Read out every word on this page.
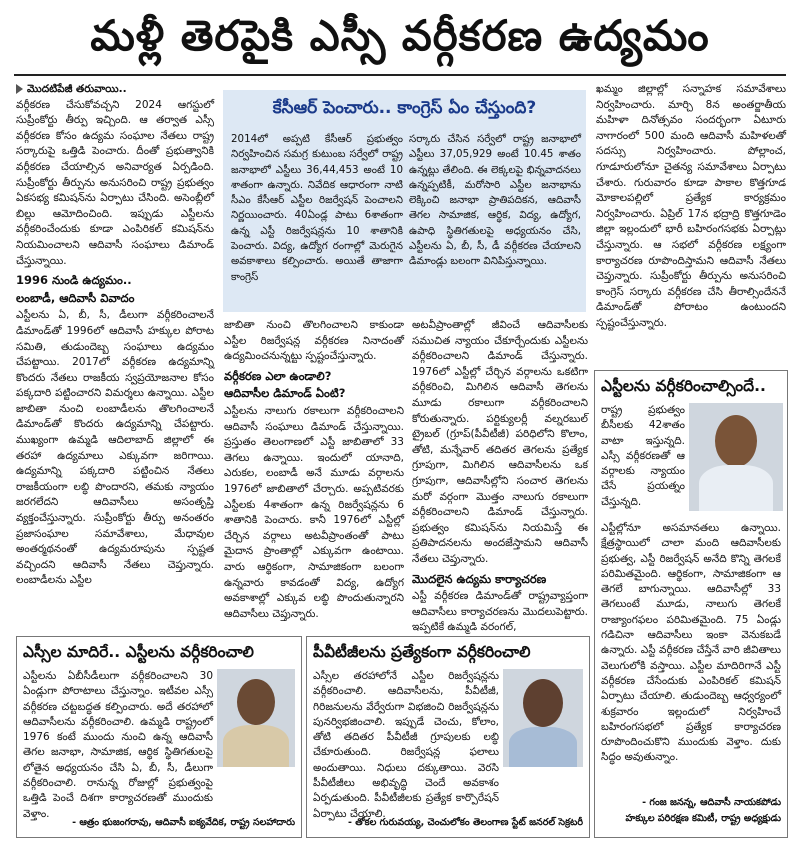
మళ్లీ తెరపైకి ఎస్సీ వర్గీకరణ ఉద్యమం
మొదటిపేజీ తరువాయి..

వర్గీకరణ చేసుకోవచ్చని 2024 ఆగస్టులో సుప్రీంకోర్టు తీర్పు ఇచ్చింది. ఆ తర్వాత ఎస్సీ వర్గీకరణ కోసం ఉద్యమ సంఘాల నేతలు రాష్ట్ర సర్కారుపై ఒత్తిడి పెంచారు. దీంతో ప్రభుత్వానికి వర్గీకరణ చేయాల్సిన అనివార్యత ఏర్పడింది. సుప్రీంకోర్టు తీర్పును అనుసరించి రాష్ట్ర ప్రభుత్వం ఏకసభ్య కమిషన్‌ను ఏర్పాటు చేసింది. అసెంబ్లీలో బిల్లు ఆమోదించింది. ఇప్పుడు ఎస్టీలను వర్గీకరించేందుకు కూడా ఎంపిరికల్ కమిషన్‌ను నియమించాలని ఆదివాసీ సంఘాలు డిమాండ్ చేస్తున్నాయి.

1996 నుండి ఉద్యమం..
లంబాడీ, ఆదివాసీ వివాదం

ఎస్టీలను ఏ, బీ, సీ, డీలుగా వర్గీకరించాలనే డిమాండ్‌తో 1996లో ఆదివాసీ హక్కుల పోరాట సమితి, తుడుందెబ్బ సంఘాలు ఉద్యమం చేపట్టాయి. 2017లో వర్గీకరణ ఉద్యమాన్ని కొందరు నేతలు రాజకీయ స్వప్రయోజనాల కోసం పక్కదారి పట్టించారని విమర్శలు ఉన్నాయి. ఎస్టీల జాబితా నుంచి లంబాడీలను తొలగించాలనే డిమాండ్‌తో కొందరు ఉద్యమాన్ని చేపట్టారు. ముఖ్యంగా ఉమ్మడి ఆదిలాబాద్ జిల్లాలో ఈ తరహా ఉద్యమాలు ఎక్కువగా జరిగాయి. ఉద్యమాన్ని పక్కదారి పట్టించిన నేతలు రాజకీయంగా లబ్ధి పొందారని, తమకు న్యాయం జరగలేదని ఆదివాసీలు అసంతృప్తి వ్యక్తంచేస్తున్నారు. సుప్రీంకోర్టు తీర్పు అనంతరం ప్రజాసంఘాల సమావేశాలు, మేధావుల అంతర్మథనంతో ఉద్యమరూపును స్పష్టత వచ్చిందని ఆదివాసీ నేతలు చెప్తున్నారు. లంబాడీలను ఎస్టీల

కేసీఆర్ పెంచారు.. కాంగ్రెస్ ఏం చేస్తుంది?
2014లో అప్పటి కేసీఆర్ ప్రభుత్వం నిర్వహించిన సమగ్ర కుటుంబ సర్వేలో రాష్ట్ర జనాభాలో ఎస్టీలు 36,44,453 అంటే 10 శాతంగా ఉన్నారు. నివేదిక ఆధారంగా నాటి సీఎం కేసీఆర్ ఎస్టీల రిజర్వేషన్ పెంచాలని నిర్ణయించారు. 40ఏండ్ల పాటు 6శాతంగా ఉన్న ఎస్టీ రిజర్వేషన్లను 10 శాతానికి పెంచారు. విద్య, ఉద్యోగ రంగాల్లో మెరుగైన అవకాశాలు కల్పించారు. అయితే తాజాగా కాంగ్రెస్
సర్కారు చేసిన సర్వేలో రాష్ట్ర జనాభాలో ఎస్టీలు 37,05,929 అంటే 10.45 శాతం ఉన్నట్లు తేలింది. ఈ లెక్కలపై భిన్నవాదనలు ఉన్నప్పటికీ, మరోసారి ఎస్టీల జనాభాను లెక్కించి జనాభా ప్రాతిపదికన, ఆదివాసీ తెగల సామాజిక, ఆర్థిక, విద్య, ఉద్యోగ, ఉపాధి స్థితిగతులపై అధ్యయనం చేసి, ఎస్టీలను ఏ, బీ, సీ, డీ వర్గీకరణ చేయాలని డిమాండ్లు బలంగా వినిపిస్తున్నాయి.

జాబితా నుంచి తొలగించాలని కాకుండా ఎస్టీల రిజర్వేషన్ల వర్గీకరణ నినాదంతో ఉద్యమించనున్నట్టు స్పష్టంచేస్తున్నారు.

వర్గీకరణ ఎలా ఉండాలి?
ఆదివాసీల డిమాండ్ ఏంటి?

ఎస్టీలను నాలుగు రకాలుగా వర్గీకరించాలని ఆదివాసీ సంఘాలు డిమాండ్ చేస్తున్నాయి. ప్రస్తుతం తెలంగాణలో ఎస్టీ జాబితాలో 33 తెగలు ఉన్నాయి. ఇందులో యానాది, ఎరుకల, లంబాడీ అనే మూడు వర్గాలను 1976లో జాబితాలో చేర్చారు. అప్పటివరకు ఎస్టీలకు 4శాతంగా ఉన్న రిజర్వేషన్లను 6 శాతానికి పెంచారు. కానీ 1976లో ఎస్టీల్లో చేర్చిన వర్గాలు అటవీప్రాంతంతో పాటు మైదాన ప్రాంతాల్లో ఎక్కువగా ఉంటాయి. వారు ఆర్థికంగా, సామాజికంగా బలంగా ఉన్నవారు కావడంతో విద్య, ఉద్యోగ అవకాశాల్లో ఎక్కువ లబ్ధి పొందుతున్నారని ఆదివాసీలు చెప్తున్నారు.

అటవీప్రాంతాల్లో జీవించే ఆదివాసీలకు సముచిత న్యాయం చేకూర్చేందుకు ఎస్టీలను వర్గీకరించాలని డిమాండ్ చేస్తున్నారు. 1976లో ఎస్టీల్లో చేర్చిన వర్గాలను ఒకటిగా వర్గీకరించి, మిగిలిన ఆదివాసీ తెగలను మూడు రకాలుగా వర్గీకరించాలని కోరుతున్నారు. పర్టిక్యులర్లీ వల్నరబుల్ ట్రైబల్ (గ్రూప్(పీవీటీజీ) పరిధిలోని కొలాం, తోటి, మన్నేవార్ తదితర తెగలను ప్రత్యేక గ్రూపుగా, మిగిలిన ఆదివాసీలను ఒక గ్రూపుగా, ఆదివాసీల్లోని సంచార తెగలను మరో వర్గంగా మొత్తం నాలుగు రకాలుగా వర్గీకరించాలని డిమాండ్ చేస్తున్నారు. ప్రభుత్వం కమిషన్‌ను నియమిస్తే ఈ ప్రతిపాదనలను అందజేస్తామని ఆదివాసీ నేతలు చెప్తున్నారు.

మొదలైన ఉద్యమ కార్యాచరణ

ఎస్టీ వర్గీకరణ డిమాండ్‌తో రాష్ట్రవ్యాప్తంగా ఆదివాసీలు కార్యాచరణను మొదలుపెట్టారు. ఇప్పటికే ఉమ్మడి వరంగల్,

ఖమ్మం జిల్లాల్లో సన్నాహక సమావేశాలు నిర్వహించారు. మార్చి 8న అంతర్జాతీయ మహిళా దినోత్సవం సందర్భంగా ఏటూరు నాగారంలో 500 మంది ఆదివాసీ మహిళలతో సదస్సు నిర్వహించారు. పోల్లాంచ, గూడూరులోనూ చైతన్య సమావేశాలు ఏర్పాటు చేశారు. గురువారం కూడా పాకాల కొత్తగూడ మోకాలపల్లిలో ప్రత్యేక కార్యక్రమం నిర్వహించారు. ఏప్రిల్ 17న భద్రాద్రి కొత్తగూడెం జిల్లా ఇల్లందులో భారీ బహిరంగసభకు ఏర్పాట్లు చేస్తున్నారు. ఆ సభలో వర్గీకరణ లక్ష్యంగా కార్యాచరణ రూపొందిస్తామని ఆదివాసీ నేతలు చెప్తున్నారు. సుప్రీంకోర్టు తీర్పును అనుసరించి కాంగ్రెస్ సర్కారు వర్గీకరణ చేసి తీరాల్సిందేననే డిమాండ్‌తో పోరాటం ఉంటుందని స్పష్టంచేస్తున్నారు.

ఎస్టీలను వర్గీకరించాల్సిందే..
రాష్ట్ర ప్రభుత్వం బీసీలకు 42శాతం వాటా ఇస్తున్నది. ఎస్సీ వర్గీకరణతో ఆ వర్గాలకు న్యాయం చేసే ప్రయత్నం చేస్తున్నది.
ఎస్టీల్లోనూ అసమానతలు ఉన్నాయి. క్షేత్రస్థాయిలో చాలా మంది ఆదివాసీలకు ప్రభుత్వ, ఎస్టీ రిజర్వేషన్ అనేది కొన్ని తెగలకే పరిమితమైంది. ఆర్థికంగా, సామాజికంగా ఆ తెగలే బాగున్నాయి. ఆదివాసీల్లో 33 తెగలుంటే మూడు, నాలుగు తెగలకే రాజ్యాంగఫలం పరిమితమైంది. 75 ఏండ్లు గడిచినా ఆదివాసీలు ఇంకా వెనుకబడే ఉన్నారు. ఎస్టీ వర్గీకరణ చేస్తేనే వారి జీవితాలు వెలుగులోకి వస్తాయి. ఎస్టీల మాదిరిగానే ఎస్టీ వర్గీకరణ చేసేందుకు ఎంపిరికల్ కమిషన్ ఏర్పాటు చేయాలి. తుడుందెబ్బ ఆధ్వర్యంలో శుక్రవారం ఇల్లందులో నిర్వహించే బహిరంగసభలో ప్రత్యేక కార్యాచరణ రూపొందించుకొని ముందుకు వెళ్తాం. దుకు సిద్ధం అవుతున్నాం.
- గంజ జనన్న, ఆదివాసీ నాయకపోడు
హక్కుల పరిరక్షణ కమిటీ, రాష్ట్ర అధ్యక్షుడు
ఎస్సీల మాదిరే.. ఎస్టీలను వర్గీకరించాలి
ఎస్టీలను ఏబీసీడీలుగా వర్గీకరించాలని 30 ఏండ్లుగా పోరాటాలు చేస్తున్నాం. ఇటీవల ఎస్సీ వర్గీకరణ చట్టబద్ధత కల్పించారు. అదే తరహాలో ఆదివాసీలను వర్గీకరించాలి. ఉమ్మడి రాష్ట్రంలో 1976 కంటే ముందు నుంచి ఉన్న ఆదివాసీ తెగల జనాభా, సామాజిక, ఆర్థిక స్థితిగతులపై లోతైన అధ్యయనం చేసి ఏ, బీ, సీ, డీలుగా వర్గీకరించాలి. రానున్న రోజుల్లో ప్రభుత్వంపై ఒత్తిడి పెంచే దిశగా కార్యాచరణతో ముందుకు వెళ్తాం.
- ఆత్రం భుజంగరావు, ఆదివాసీ ఐక్యవేదిక, రాష్ట్ర సలహాదారు
పీవీటీజీలను ప్రత్యేకంగా వర్గీకరించాలి
ఎస్సీల తరహాలోనే ఎస్టీల రిజర్వేషన్లను వర్గీకరించాలి. ఆదివాసీలను, పీవీటీజీ, గిరిజనులను వేర్వేరుగా విభజించి రిజర్వేషన్లను పునర్విభజించాలి. ఇప్పుడే చెంచు, కోలాం, తోటి తదితర పీవీటీజీ గ్రూపులకు లబ్ధి చేకూరుతుంది. రిజర్వేషన్ల ఫలాలు అందుతాయి. నిధులు దక్కుతాయి. వెరసి పీవీటీజీలు అభివృద్ధి చెందే అవకాశం ఏర్పడుతుంది. పీవీటీజీలకు ప్రత్యేక కార్పొరేషన్ ఏర్పాటు చేయాలి.
- తోకల గురువయ్య, చెంచులోకం తెలంగాణ స్టేట్ జనరల్ సెక్రటరీ
